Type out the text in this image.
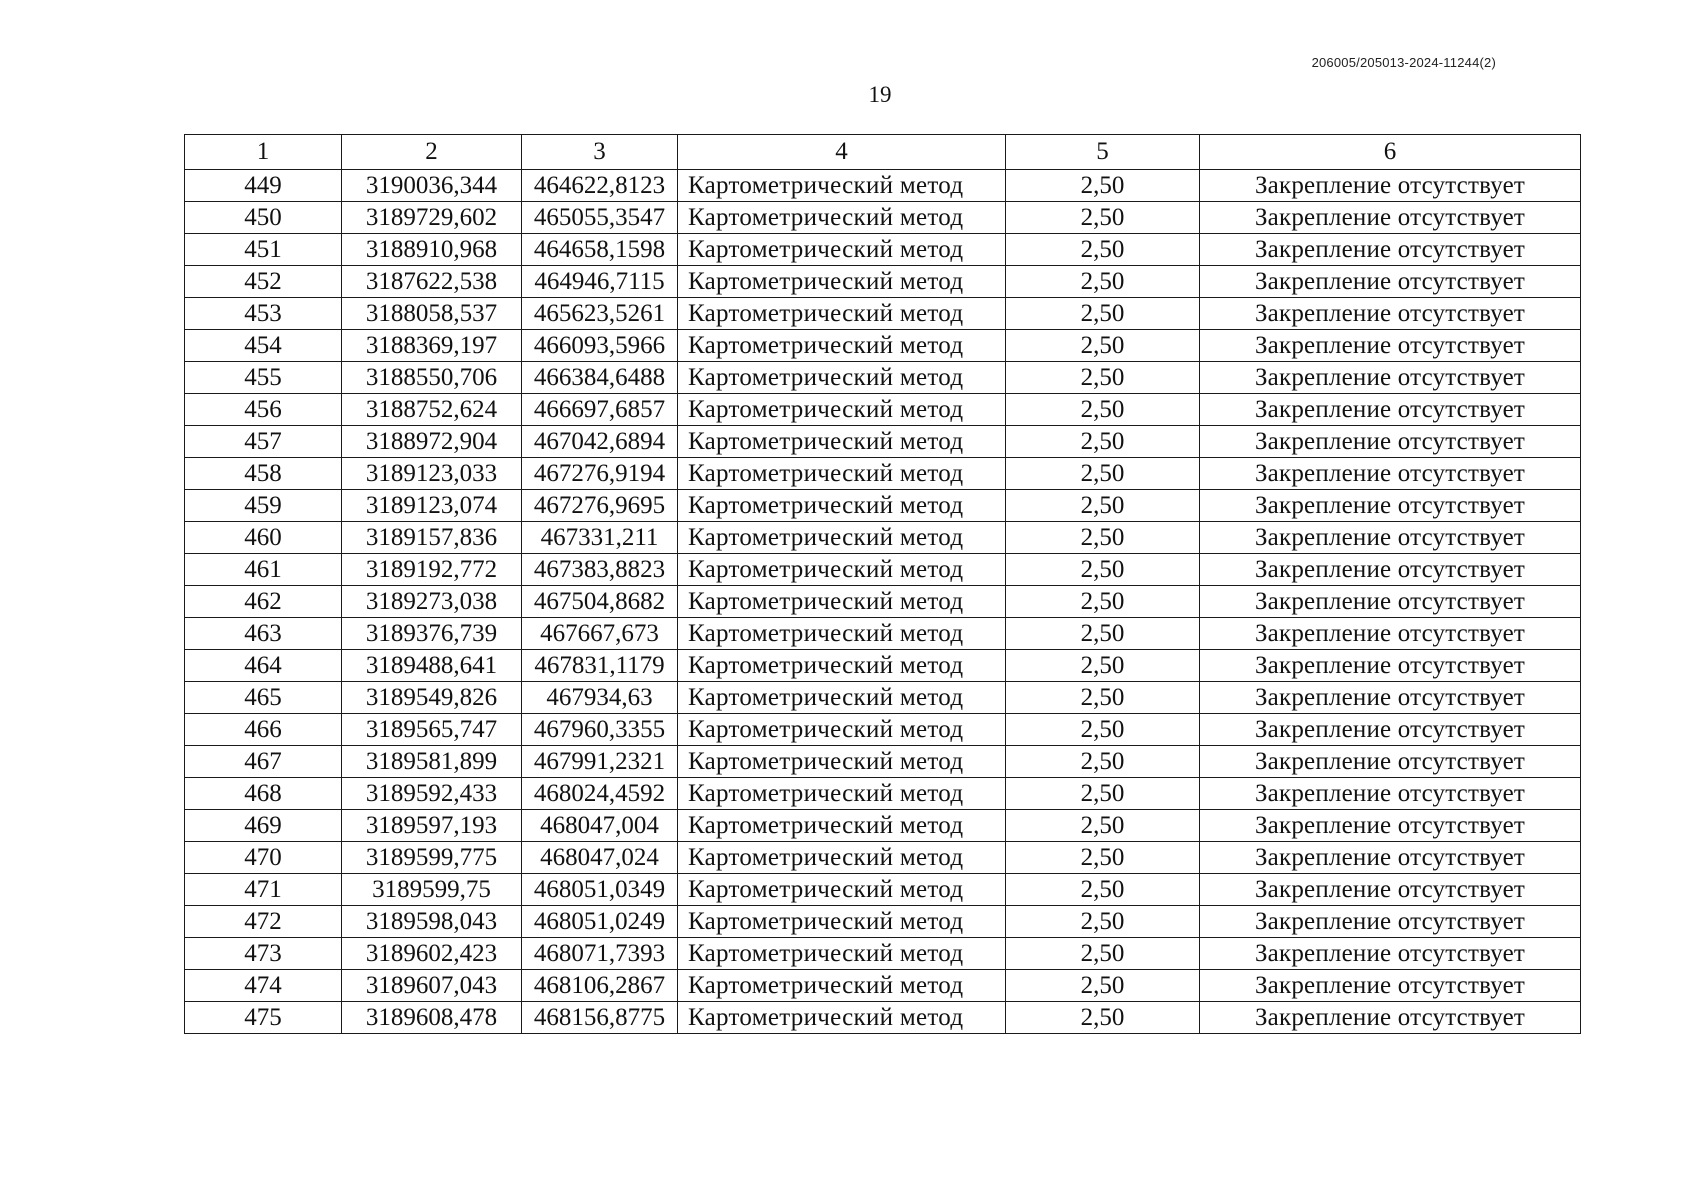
206005/205013-2024-11244(2)
19
1	2	3	4	5	6
449	3190036,344	464622,8123	Картометрический метод	2,50	Закрепление отсутствует
450	3189729,602	465055,3547	Картометрический метод	2,50	Закрепление отсутствует
451	3188910,968	464658,1598	Картометрический метод	2,50	Закрепление отсутствует
452	3187622,538	464946,7115	Картометрический метод	2,50	Закрепление отсутствует
453	3188058,537	465623,5261	Картометрический метод	2,50	Закрепление отсутствует
454	3188369,197	466093,5966	Картометрический метод	2,50	Закрепление отсутствует
455	3188550,706	466384,6488	Картометрический метод	2,50	Закрепление отсутствует
456	3188752,624	466697,6857	Картометрический метод	2,50	Закрепление отсутствует
457	3188972,904	467042,6894	Картометрический метод	2,50	Закрепление отсутствует
458	3189123,033	467276,9194	Картометрический метод	2,50	Закрепление отсутствует
459	3189123,074	467276,9695	Картометрический метод	2,50	Закрепление отсутствует
460	3189157,836	467331,211	Картометрический метод	2,50	Закрепление отсутствует
461	3189192,772	467383,8823	Картометрический метод	2,50	Закрепление отсутствует
462	3189273,038	467504,8682	Картометрический метод	2,50	Закрепление отсутствует
463	3189376,739	467667,673	Картометрический метод	2,50	Закрепление отсутствует
464	3189488,641	467831,1179	Картометрический метод	2,50	Закрепление отсутствует
465	3189549,826	467934,63	Картометрический метод	2,50	Закрепление отсутствует
466	3189565,747	467960,3355	Картометрический метод	2,50	Закрепление отсутствует
467	3189581,899	467991,2321	Картометрический метод	2,50	Закрепление отсутствует
468	3189592,433	468024,4592	Картометрический метод	2,50	Закрепление отсутствует
469	3189597,193	468047,004	Картометрический метод	2,50	Закрепление отсутствует
470	3189599,775	468047,024	Картометрический метод	2,50	Закрепление отсутствует
471	3189599,75	468051,0349	Картометрический метод	2,50	Закрепление отсутствует
472	3189598,043	468051,0249	Картометрический метод	2,50	Закрепление отсутствует
473	3189602,423	468071,7393	Картометрический метод	2,50	Закрепление отсутствует
474	3189607,043	468106,2867	Картометрический метод	2,50	Закрепление отсутствует
475	3189608,478	468156,8775	Картометрический метод	2,50	Закрепление отсутствует
